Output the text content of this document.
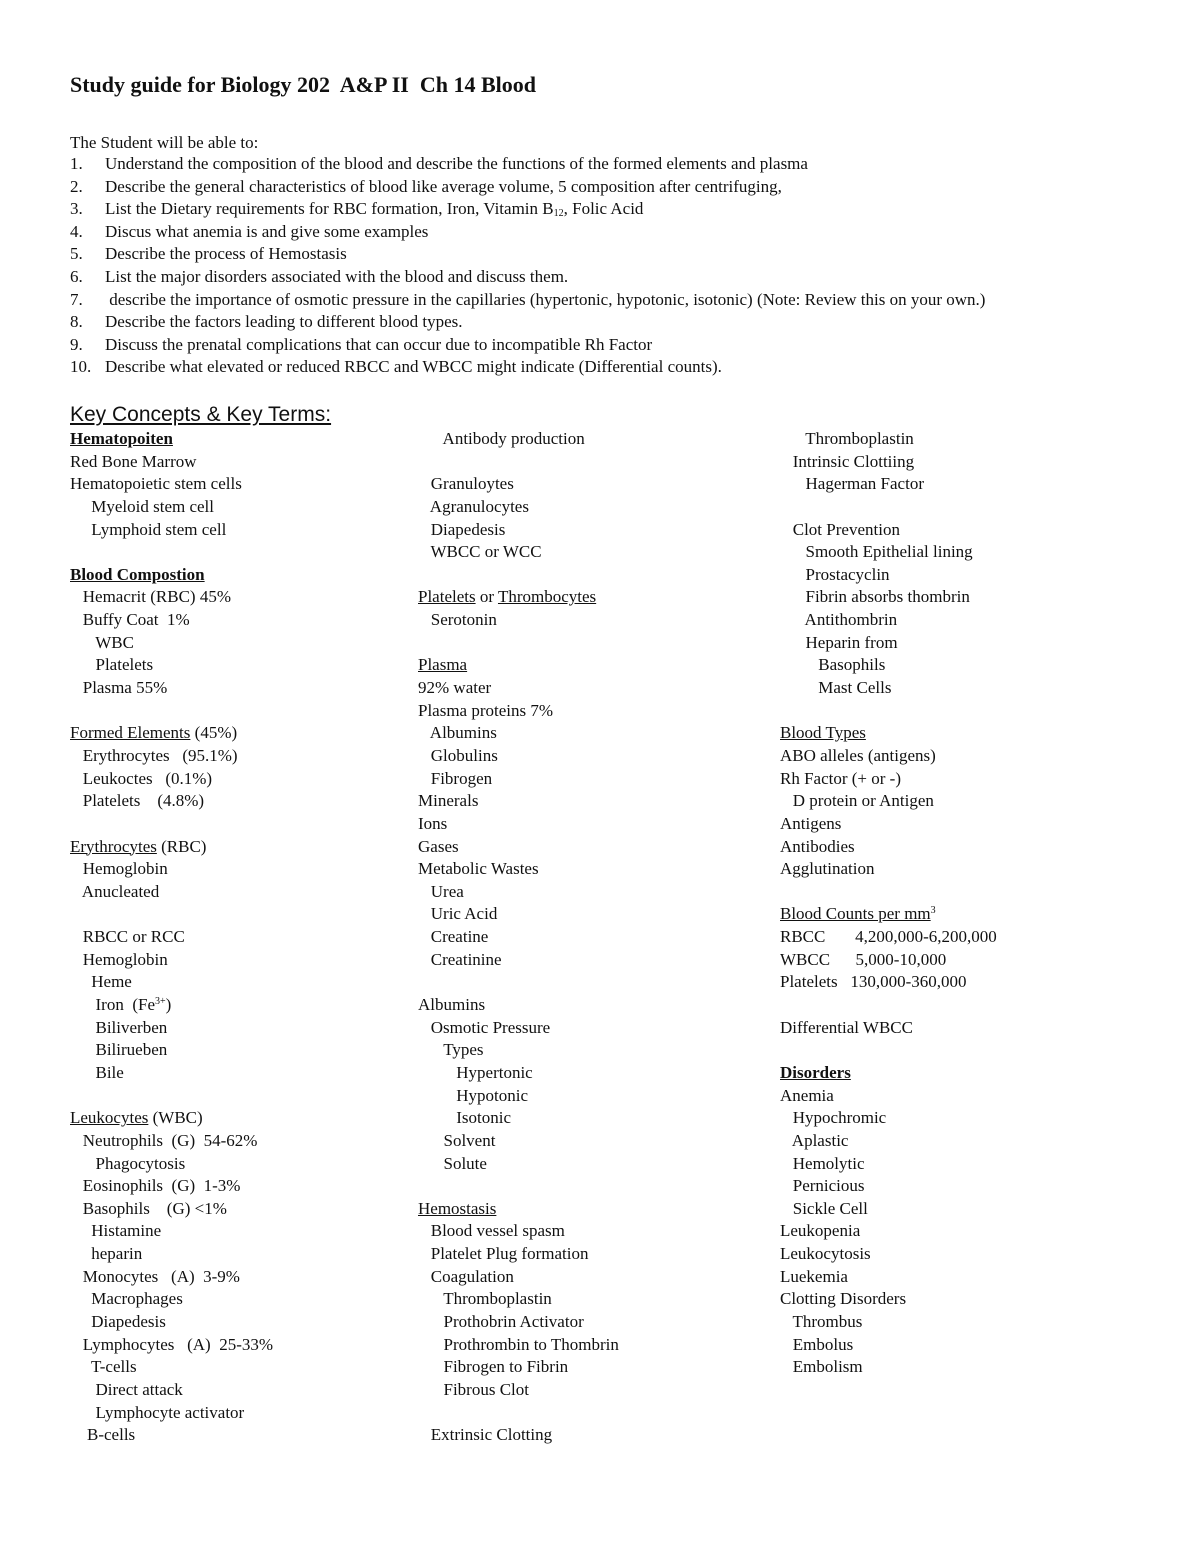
Study guide for Biology 202  A&P II  Ch 14 Blood
The Student will be able to:
1. Understand the composition of the blood and describe the functions of the formed elements and plasma
2. Describe the general characteristics of blood like average volume, 5 composition after centrifuging,
3. List the Dietary requirements for RBC formation, Iron, Vitamin $B_{12}$, Folic Acid
4. Discus what anemia is and give some examples
5. Describe the process of Hemostasis
6. List the major disorders associated with the blood and discuss them.
7. describe the importance of osmotic pressure in the capillaries (hypertonic, hypotonic, isotonic) (Note: Review this on your own.)
8. Describe the factors leading to different blood types.
9. Discuss the prenatal complications that can occur due to incompatible Rh Factor
10. Describe what elevated or reduced RBCC and WBCC might indicate (Differential counts).
Key Concepts & Key Terms:
Hematopoiten
Red Bone Marrow
Hematopoietic stem cells
Myeloid stem cell
Lymphoid stem cell

Blood Compostion
Hemacrit (RBC) 45%
Buffy Coat  1%
WBC
Platelets
Plasma 55%

Formed Elements (45%)
Erythrocytes   (95.1%)
Leukoctes   (0.1%)
Platelets    (4.8%)

Erythrocytes (RBC)
Hemoglobin
Anucleated

RBCC or RCC
Hemoglobin
Heme
Iron  $(Fe^{3+})$
Biliverben
Bilirueben
Bile

Leukocytes (WBC)
Neutrophils  (G)  54-62%
Phagocytosis
Eosinophils  (G)  1-3%
Basophils    (G) <1%
Histamine
heparin
Monocytes   (A)  3-9%
Macrophages
Diapedesis
Lymphocytes   (A)  25-33%
T-cells
Direct attack
Lymphocyte activator
B-cells
Antibody production

Granuloytes
Agranulocytes
Diapedesis
WBCC or WCC

Platelets or Thrombocytes
Serotonin

Plasma
92% water
Plasma proteins 7%
Albumins
Globulins
Fibrogen
Minerals
Ions
Gases
Metabolic Wastes
Urea
Uric Acid
Creatine
Creatinine

Albumins
Osmotic Pressure
Types
Hypertonic
Hypotonic
Isotonic
Solvent
Solute

Hemostasis
Blood vessel spasm
Platelet Plug formation
Coagulation
Thromboplastin
Prothobrin Activator
Prothrombin to Thombrin
Fibrogen to Fibrin
Fibrous Clot

Extrinsic Clotting
Thromboplastin
Intrinsic Clottiing
Hagerman Factor

Clot Prevention
Smooth Epithelial lining
Prostacyclin
Fibrin absorbs thombrin
Antithombrin
Heparin from
Basophils
Mast Cells

Blood Types
ABO alleles (antigens)
Rh Factor (+ or -)
D protein or Antigen
Antigens
Antibodies
Agglutination

Blood Counts per $mm^3$
RBCC       4,200,000-6,200,000
WBCC      5,000-10,000
Platelets   130,000-360,000

Differential WBCC

Disorders
Anemia
Hypochromic
Aplastic
Hemolytic
Pernicious
Sickle Cell
Leukopenia
Leukocytosis
Luekemia
Clotting Disorders
Thrombus
Embolus
Embolism
